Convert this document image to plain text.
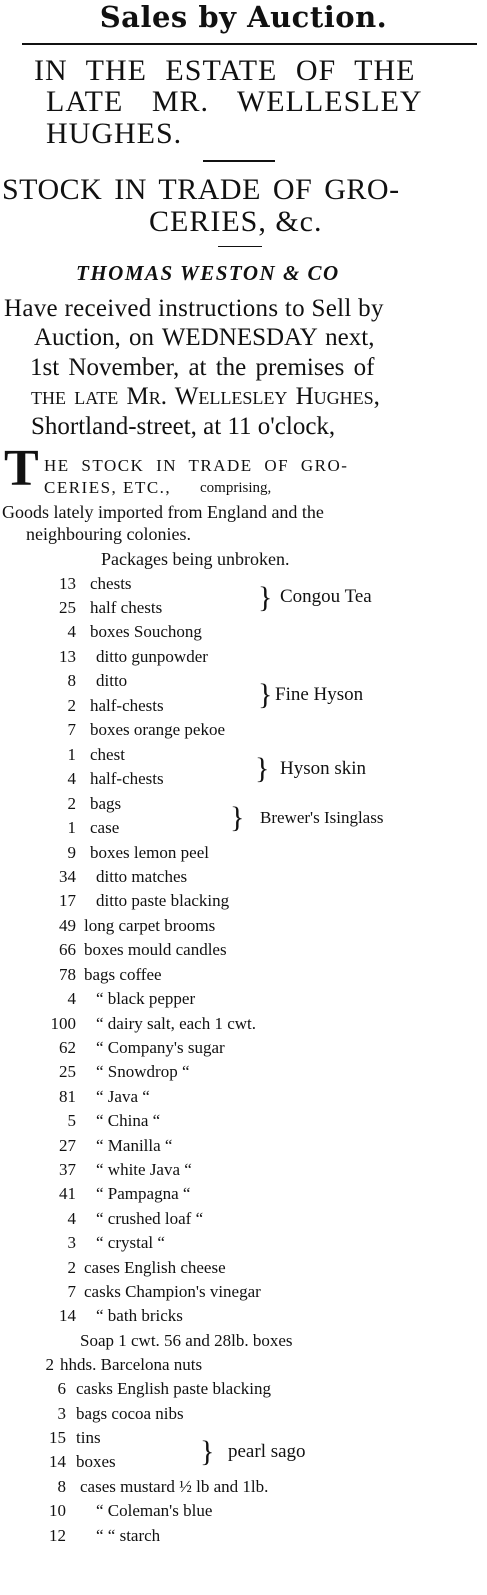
Sales by Auction.
IN THE ESTATE OF THE
LATE MR. WELLESLEY
HUGHES.
STOCK IN TRADE OF GRO-
CERIES, &c.
THOMAS WESTON & CO
Have received instructions to Sell by
Auction, on WEDNESDAY next,
1st November, at the premises of
the late Mr. Wellesley Hughes,
Shortland-street, at 11 o'clock,
T HE STOCK IN TRADE OF GRO-
CERIES, ETC., comprising,
Goods lately imported from England and the
neighbouring colonies.
Packages being unbroken.
13 chests
25 half chests	} Congou Tea
4 boxes Souchong
13 ditto gunpowder
8 ditto
2 half-chests	} Fine Hyson
7 boxes orange pekoe
1 chest
4 half-chests	} Hyson skin
2 bags
1 case	} Brewer's Isinglass
9 boxes lemon peel
34 ditto matches
17 ditto paste blacking
49 long carpet brooms
66 boxes mould candles
78 bags coffee
4 “ black pepper
100 “ dairy salt, each 1 cwt.
62 “ Company's sugar
25 “ Snowdrop “
81 “ Java “
5 “ China “
27 “ Manilla “
37 “ white Java “
41 “ Pampagna “
4 “ crushed loaf “
3 “ crystal “
2 cases English cheese
7 casks Champion's vinegar
14 “ bath bricks
Soap 1 cwt. 56 and 28lb. boxes
2 hhds. Barcelona nuts
6 casks English paste blacking
3 bags cocoa nibs
15 tins
14 boxes	} pearl sago
8 cases mustard ½ lb and 1lb.
10 “ Coleman's blue
12 “ “ starch
